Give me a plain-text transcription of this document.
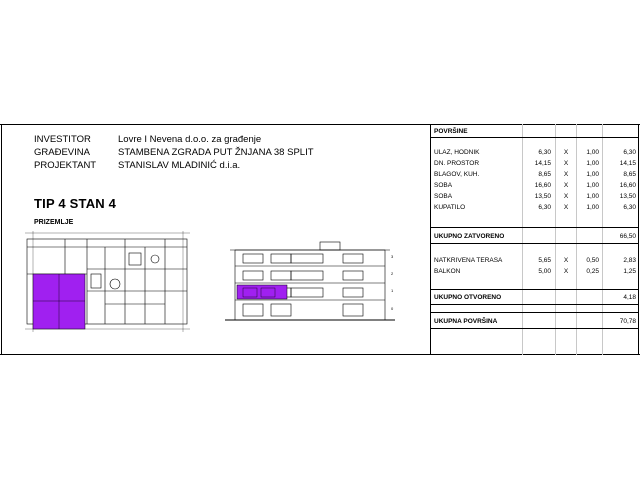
INVESTITOR	Lovre I Nevena d.o.o. za građenje
GRAĐEVINA	STAMBENA ZGRADA PUT ŽNJANA 38 SPLIT
PROJEKTANT	STANISLAV MLADINIĆ d.i.a.
TIP 4 STAN 4
PRIZEMLJE
3
2
1
0
POVRŠINE
ULAZ, HODNIK	6,30	X	1,00	6,30
DN. PROSTOR	14,15	X	1,00	14,15
BLAGOV, KUH.	8,65	X	1,00	8,65
SOBA	16,60	X	1,00	16,60
SOBA	13,50	X	1,00	13,50
KUPATILO	6,30	X	1,00	6,30
UKUPNO ZATVORENO	66,50
NATKRIVENA TERASA	5,65	X	0,50	2,83
BALKON	5,00	X	0,25	1,25
UKUPNO OTVORENO	4,18
UKUPNA POVRŠINA	70,78
